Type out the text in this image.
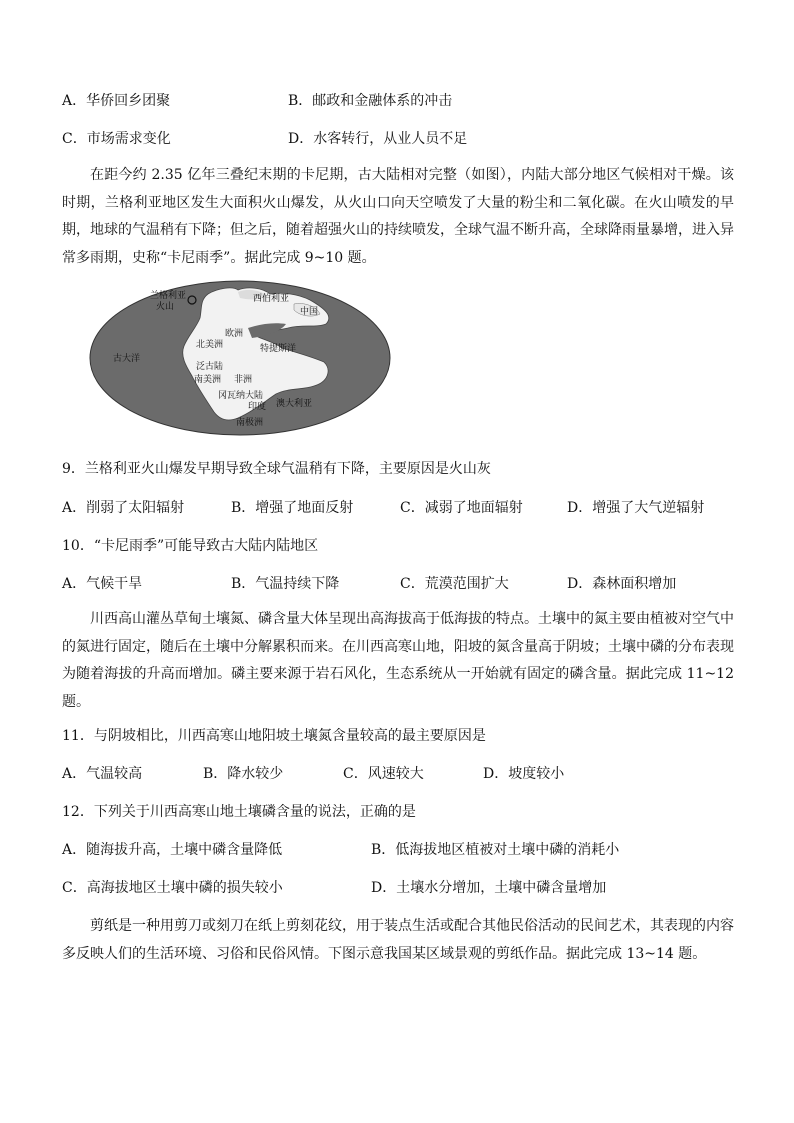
A．华侨回乡团聚	B．邮政和金融体系的冲击
C．市场需求变化	D．水客转行，从业人员不足

在距今约 2.35 亿年三叠纪末期的卡尼期，古大陆相对完整（如图），内陆大部分地区气候相对干燥。该时期，兰格利亚地区发生大面积火山爆发，从火山口向天空喷发了大量的粉尘和二氧化碳。在火山喷发的早期，地球的气温稍有下降；但之后，随着超强火山的持续喷发，全球气温不断升高，全球降雨量暴增，进入异常多雨期，史称“卡尼雨季”。据此完成 9~10 题。

兰格利亚
火山
西伯利亚
中国
欧洲
北美洲	特提斯洋
古大洋
泛古陆
南美洲 非洲
冈瓦纳大陆
印度 澳大利亚
南极洲
9．兰格利亚火山爆发早期导致全球气温稍有下降，主要原因是火山灰
A．削弱了太阳辐射	B．增强了地面反射	C．减弱了地面辐射	D．增强了大气逆辐射
10．“卡尼雨季”可能导致古大陆内陆地区
A．气候干旱	B．气温持续下降	C．荒漠范围扩大	D．森林面积增加

川西高山灌丛草甸土壤氮、磷含量大体呈现出高海拔高于低海拔的特点。土壤中的氮主要由植被对空气中的氮进行固定，随后在土壤中分解累积而来。在川西高寒山地，阳坡的氮含量高于阴坡；土壤中磷的分布表现为随着海拔的升高而增加。磷主要来源于岩石风化，生态系统从一开始就有固定的磷含量。据此完成 11~12 题。

11．与阴坡相比，川西高寒山地阳坡土壤氮含量较高的最主要原因是
A．气温较高	B．降水较少	C．风速较大	D．坡度较小
12．下列关于川西高寒山地土壤磷含量的说法，正确的是
A．随海拔升高，土壤中磷含量降低	B．低海拔地区植被对土壤中磷的消耗小
C．高海拔地区土壤中磷的损失较小	D．土壤水分增加，土壤中磷含量增加

剪纸是一种用剪刀或刻刀在纸上剪刻花纹，用于装点生活或配合其他民俗活动的民间艺术，其表现的内容多反映人们的生活环境、习俗和民俗风情。下图示意我国某区域景观的剪纸作品。据此完成 13~14 题。
